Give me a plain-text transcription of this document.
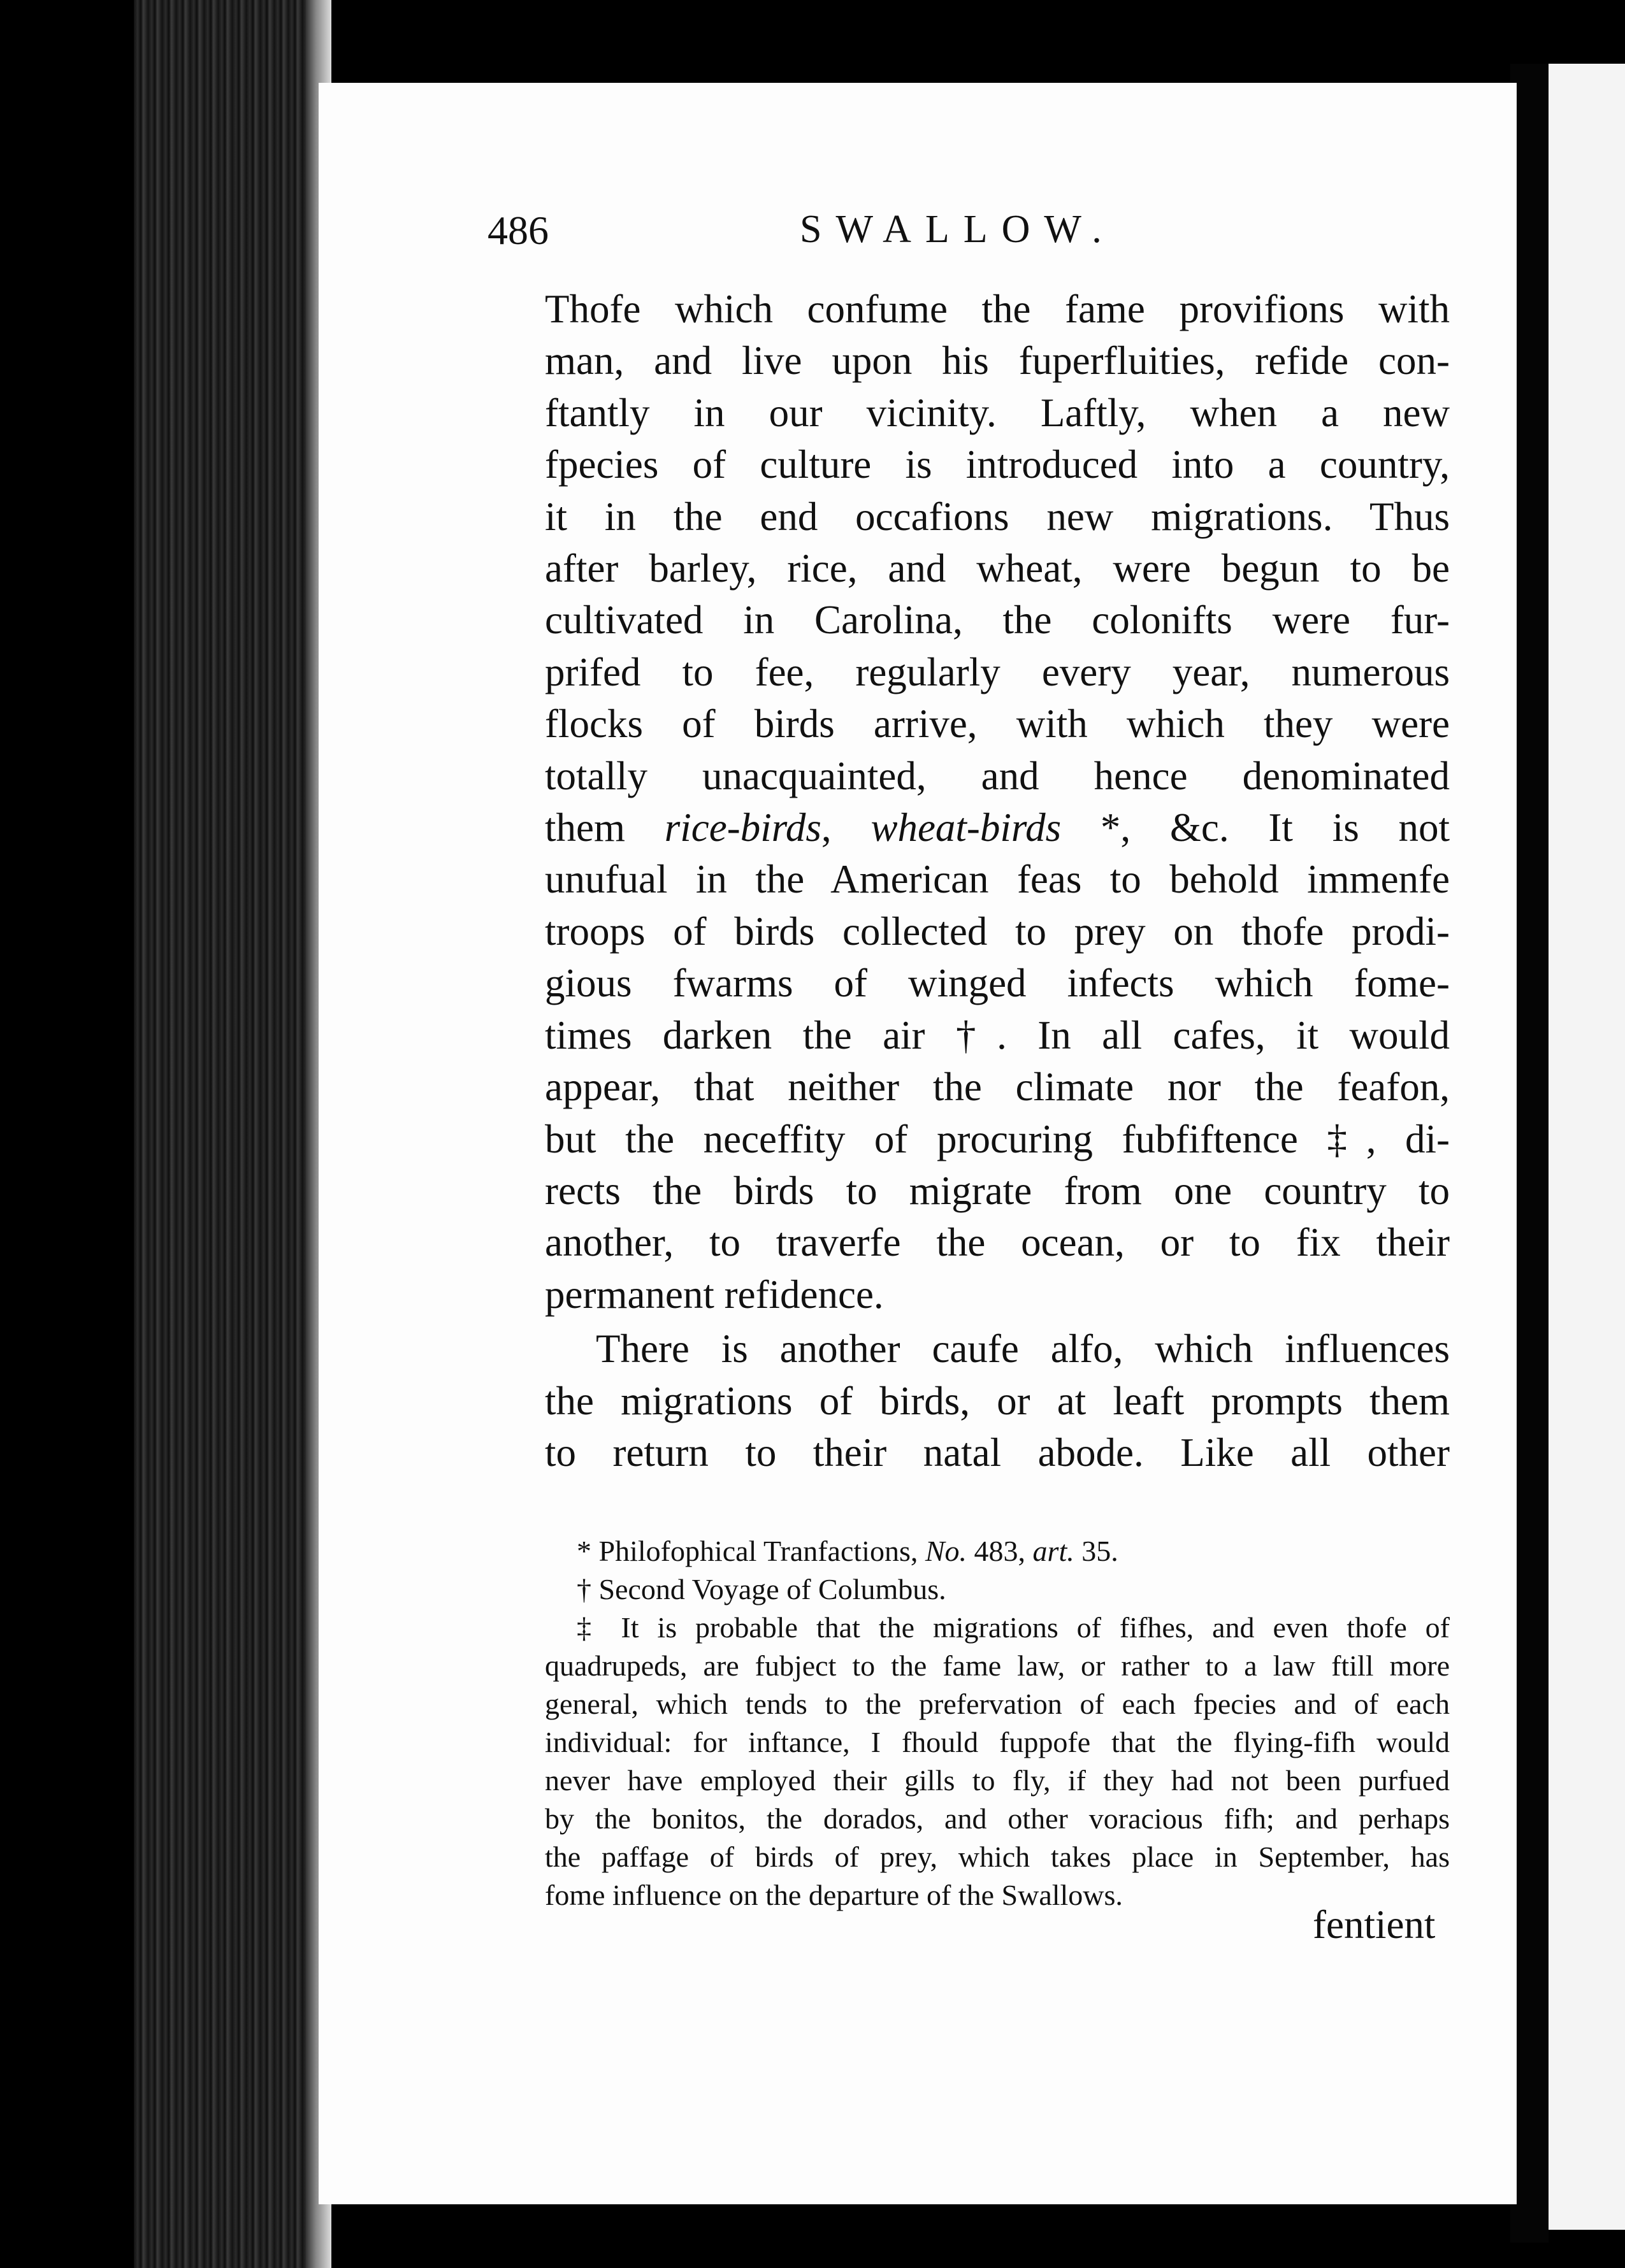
486	SWALLOW.
Thofe which confume the fame provifions with
man, and live upon his fuperfluities, refide con-
ftantly in our vicinity. Laftly, when a new
fpecies of culture is introduced into a country,
it in the end occafions new migrations. Thus
after barley, rice, and wheat, were begun to be
cultivated in Carolina, the colonifts were fur-
prifed to fee, regularly every year, numerous
flocks of birds arrive, with which they were
totally unacquainted, and hence denominated
them rice-birds, wheat-birds *, &c. It is not
unufual in the American feas to behold immenfe
troops of birds collected to prey on thofe prodi-
gious fwarms of winged infects which fome-
times darken the air †. In all cafes, it would
appear, that neither the climate nor the feafon,
but the neceffity of procuring fubfiftence ‡, di-
rects the birds to migrate from one country to
another, to traverfe the ocean, or to fix their
permanent refidence.
There is another caufe alfo, which influences
the migrations of birds, or at leaft prompts them
to return to their natal abode. Like all other
* Philofophical Tranfactions, No. 483, art. 35.
† Second Voyage of Columbus.
‡ It is probable that the migrations of fifhes, and even thofe of
quadrupeds, are fubject to the fame law, or rather to a law ftill more
general, which tends to the prefervation of each fpecies and of each
individual: for inftance, I fhould fuppofe that the flying-fifh would
never have employed their gills to fly, if they had not been purfued
by the bonitos, the dorados, and other voracious fifh; and perhaps
the paffage of birds of prey, which takes place in September, has
fome influence on the departure of the Swallows.
fentient
